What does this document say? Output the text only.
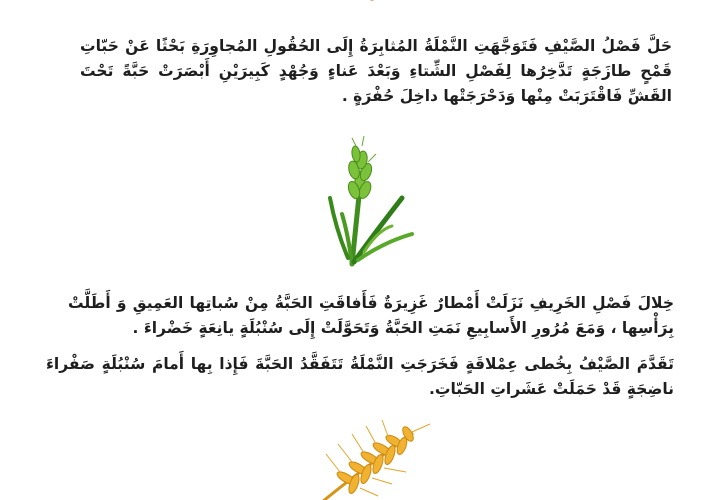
حَلَّ فَصْلُ الصَّيْفِ فَتَوَجَّهَتِ النَّمْلَةُ المُثابِرَةُ إِلَى الحُقُولِ المُجاوِرَةِ بَحْثًا عَنْ حَبّاتِ قَمْحٍ طازَجَةٍ تَدَّخِرُها لِفَصْلِ الشِّتاءِ وَبَعْدَ عَناءٍ وَجُهْدٍ كَبِيرَيْنِ أَبْصَرَتْ حَبَّةً تَحْتَ القَشِّ فَاقْتَرَبَتْ مِنْها وَدَحْرَجَتْها داخِلَ حُفْرَةٍ .

خِلالَ فَصْلِ الخَرِيفِ نَزَلَتْ أَمْطارٌ غَزِيرَةٌ فَأَفاقَتِ الحَبَّةُ مِنْ سُباتِها العَمِيقِ وَ أَطَلَّتْ بِرَأْسِها ، وَمَعَ مُرُورِ الأَسابِيعِ نَمَتِ الحَبَّةُ وَتَحَوَّلَتْ إِلَى سُنْبُلَةٍ يانِعَةٍ خَضْراءَ .

تَقَدَّمَ الصَّيْفُ بِخُطى عِمْلاقَةٍ فَخَرَجَتِ النَّمْلَةُ تَتَفَقَّدُ الحَبَّةَ فَإِذا بِها أَمامَ سُنْبُلَةٍ صَفْراءَ ناضِجَةٍ قَدْ حَمَلَتْ عَشَراتِ الحَبّاتِ.
